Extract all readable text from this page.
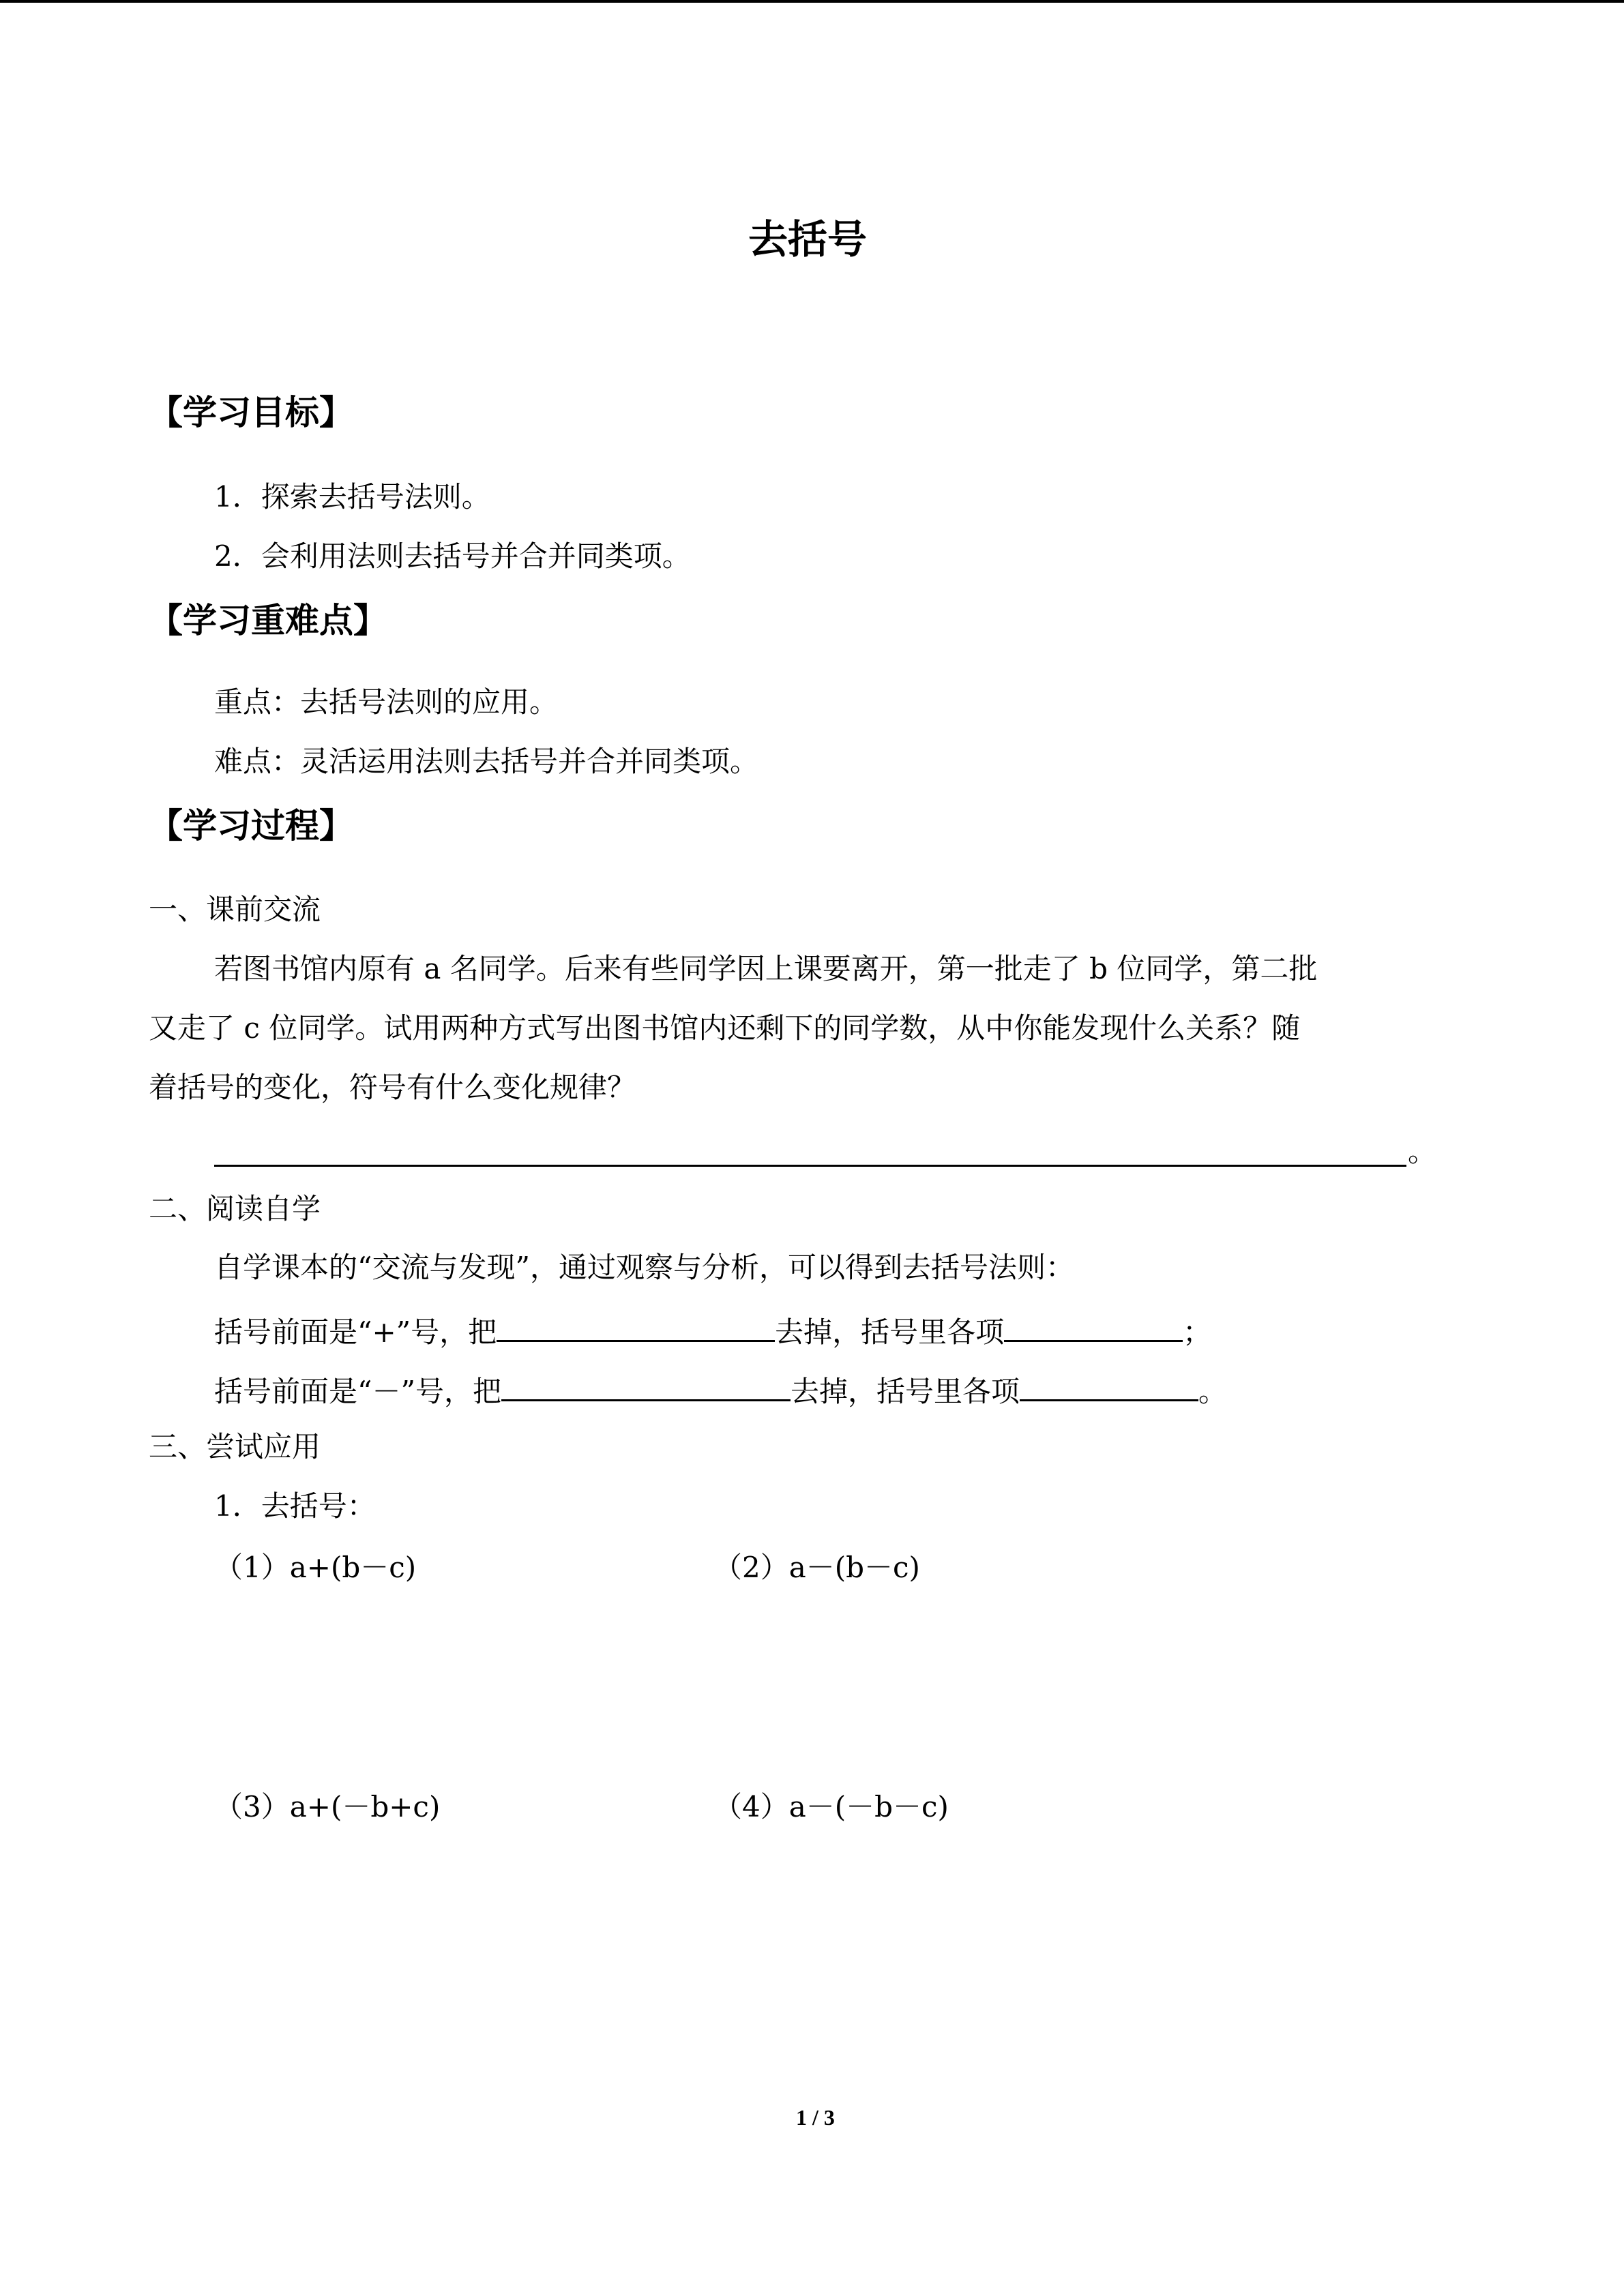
去括号
【学习目标】
1．探索去括号法则。
2．会利用法则去括号并合并同类项。
【学习重难点】
重点：去括号法则的应用。
难点：灵活运用法则去括号并合并同类项。
【学习过程】
一、课前交流
若图书馆内原有 a 名同学。后来有些同学因上课要离开，第一批走了 b 位同学，第二批
又走了 c 位同学。试用两种方式写出图书馆内还剩下的同学数，从中你能发现什么关系？随
着括号的变化，符号有什么变化规律？
。
二、阅读自学
自学课本的“交流与发现”，通过观察与分析，可以得到去括号法则：
括号前面是“+”号，把	去掉，括号里各项	；
括号前面是“－”号，把	去掉，括号里各项	。
三、尝试应用
1．去括号：
（1）a+(b－c)	（2）a－(b－c)
（3）a+(－b+c)	（4）a－(－b－c)
1 / 3
